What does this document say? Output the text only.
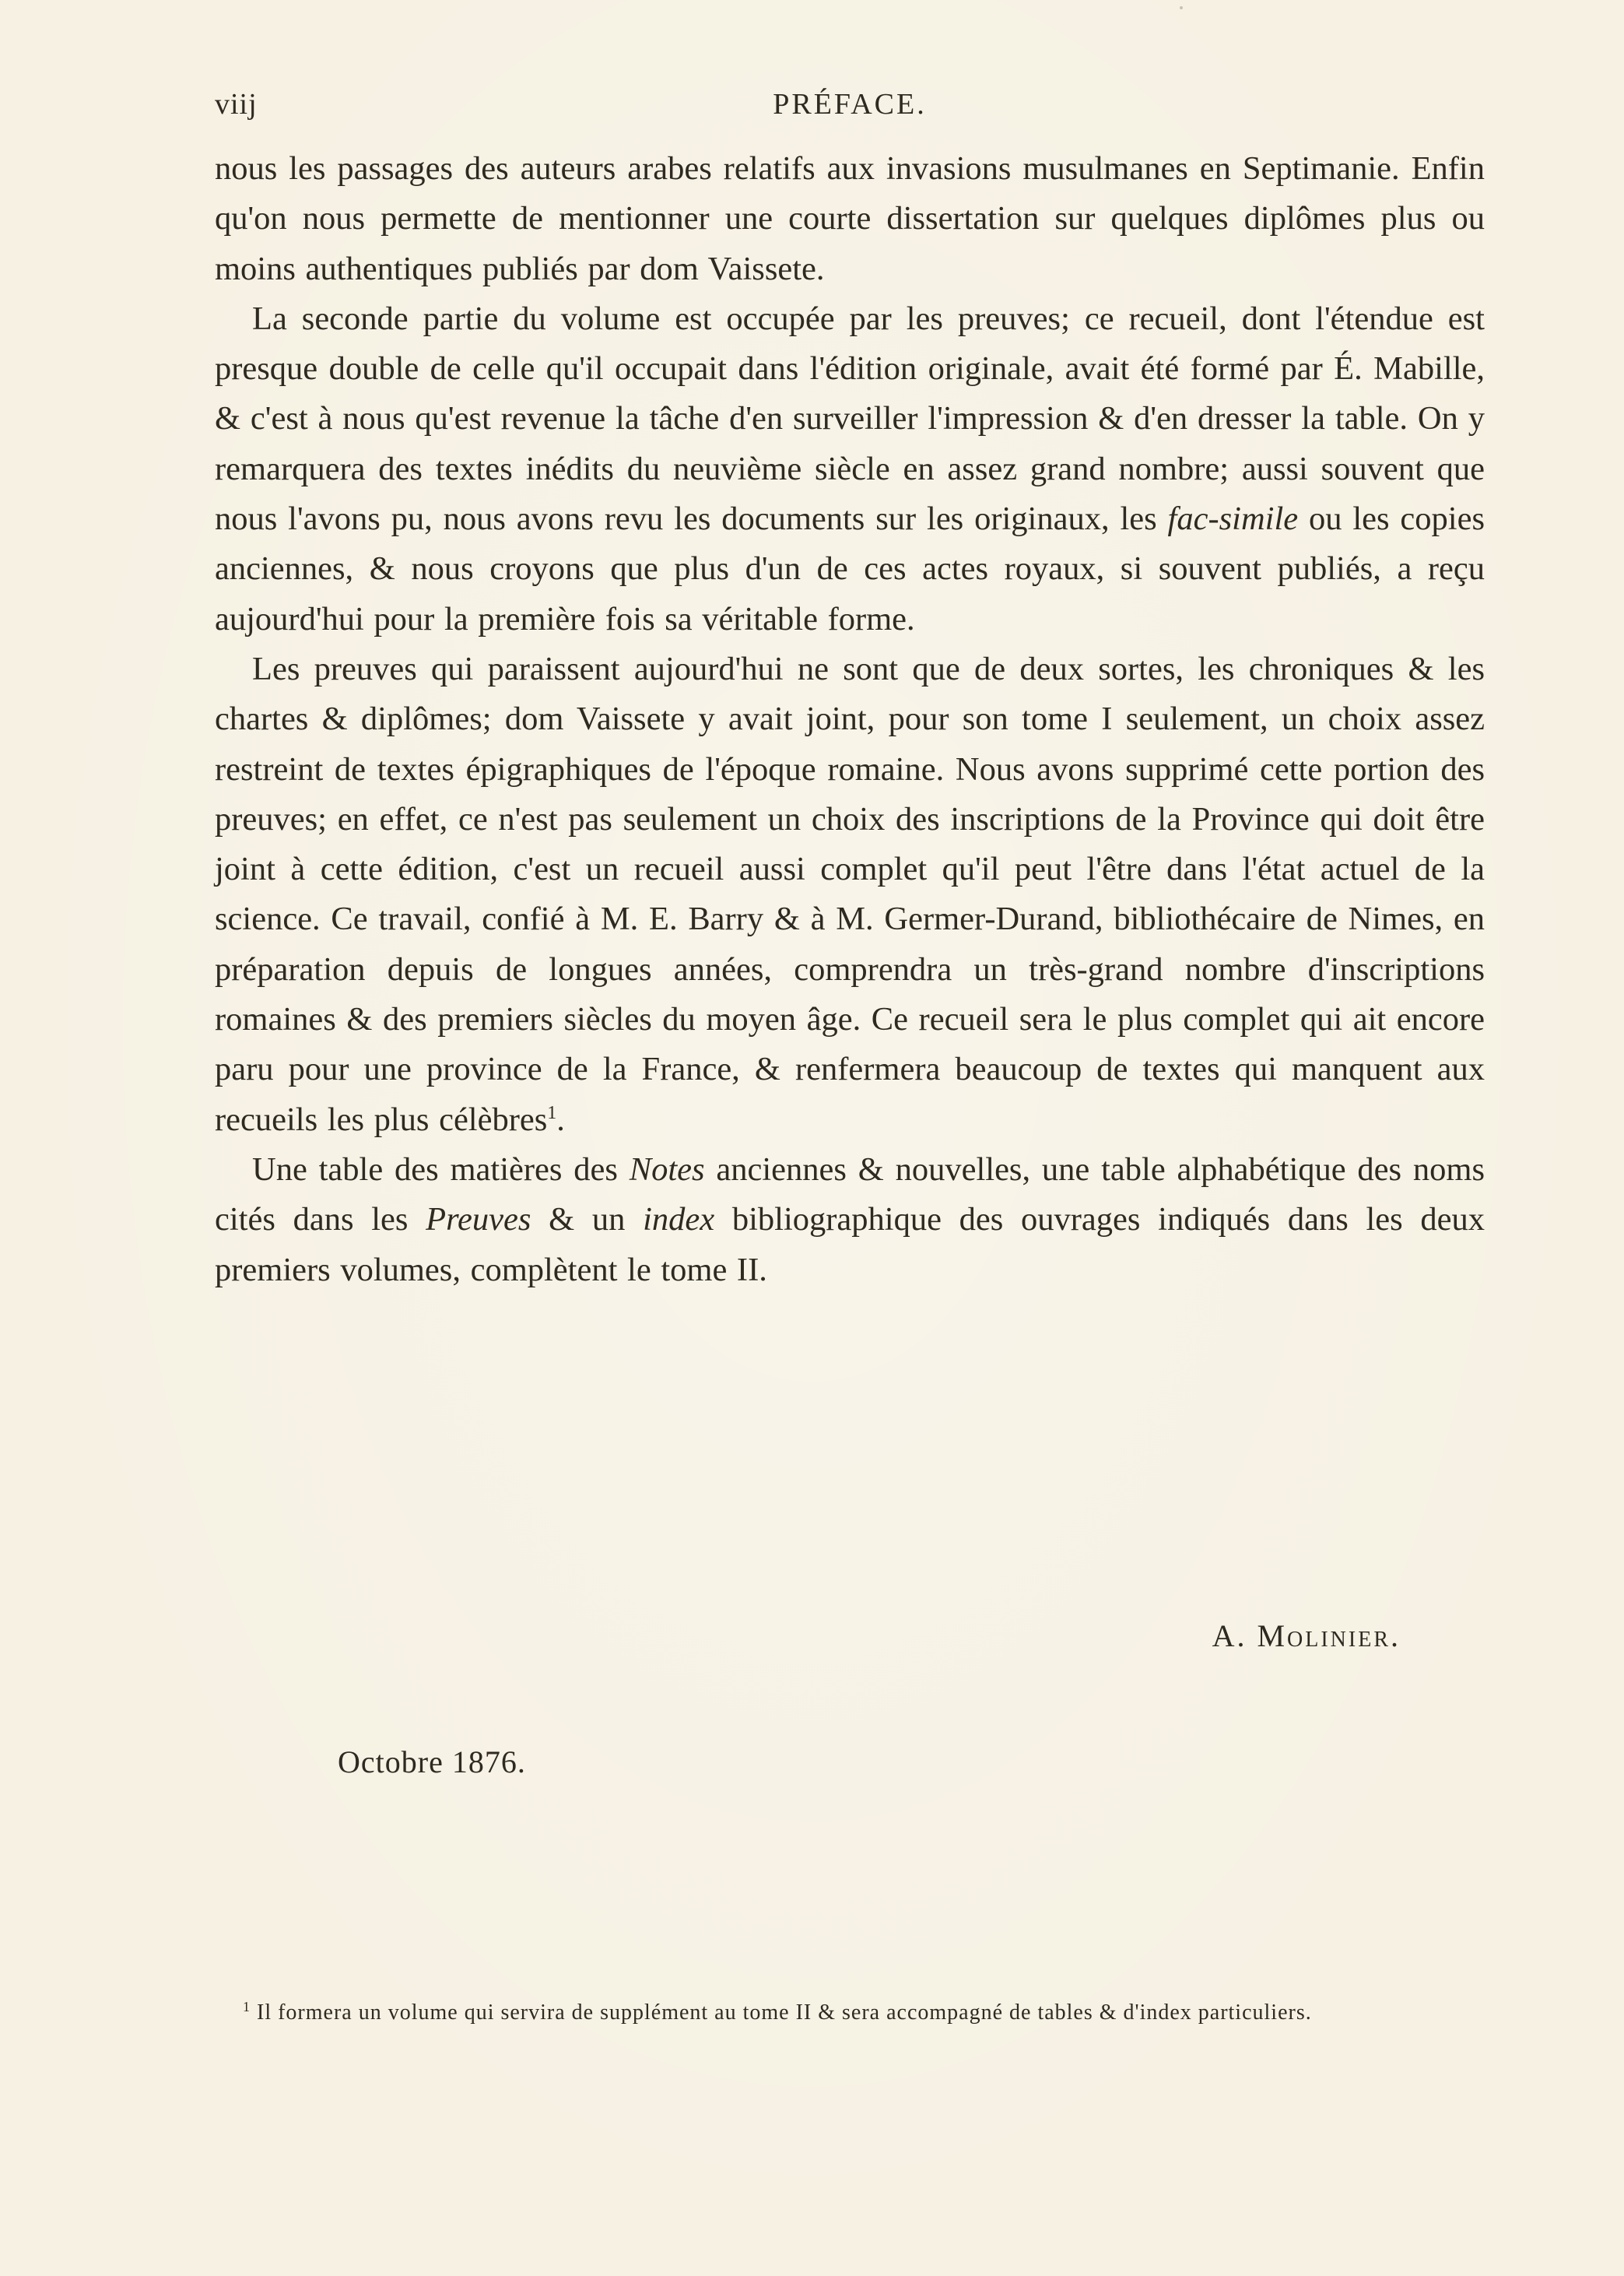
viij	PRÉFACE.

nous les passages des auteurs arabes relatifs aux invasions musulmanes en Septimanie. Enfin qu'on nous permette de mentionner une courte dissertation sur quelques diplômes plus ou moins authentiques publiés par dom Vaissete.

La seconde partie du volume est occupée par les preuves; ce recueil, dont l'étendue est presque double de celle qu'il occupait dans l'édition originale, avait été formé par É. Mabille, & c'est à nous qu'est revenue la tâche d'en surveiller l'impression & d'en dresser la table. On y remarquera des textes inédits du neuvième siècle en assez grand nombre; aussi souvent que nous l'avons pu, nous avons revu les documents sur les originaux, les fac-simile ou les copies anciennes, & nous croyons que plus d'un de ces actes royaux, si souvent publiés, a reçu aujourd'hui pour la première fois sa véritable forme.

Les preuves qui paraissent aujourd'hui ne sont que de deux sortes, les chroniques & les chartes & diplômes; dom Vaissete y avait joint, pour son tome I seulement, un choix assez restreint de textes épigraphiques de l'époque romaine. Nous avons supprimé cette portion des preuves; en effet, ce n'est pas seulement un choix des inscriptions de la Province qui doit être joint à cette édition, c'est un recueil aussi complet qu'il peut l'être dans l'état actuel de la science. Ce travail, confié à M. E. Barry & à M. Germer-Durand, bibliothécaire de Nimes, en préparation depuis de longues années, comprendra un très-grand nombre d'inscriptions romaines & des premiers siècles du moyen âge. Ce recueil sera le plus complet qui ait encore paru pour une province de la France, & renfermera beaucoup de textes qui manquent aux recueils les plus célèbres$^1$.

Une table des matières des Notes anciennes & nouvelles, une table alphabétique des noms cités dans les Preuves & un index bibliographique des ouvrages indiqués dans les deux premiers volumes, complètent le tome II.

A. Molinier.
Octobre 1876.
$^1$ Il formera un volume qui servira de supplément au tome II & sera accompagné de tables & d'index particuliers.
